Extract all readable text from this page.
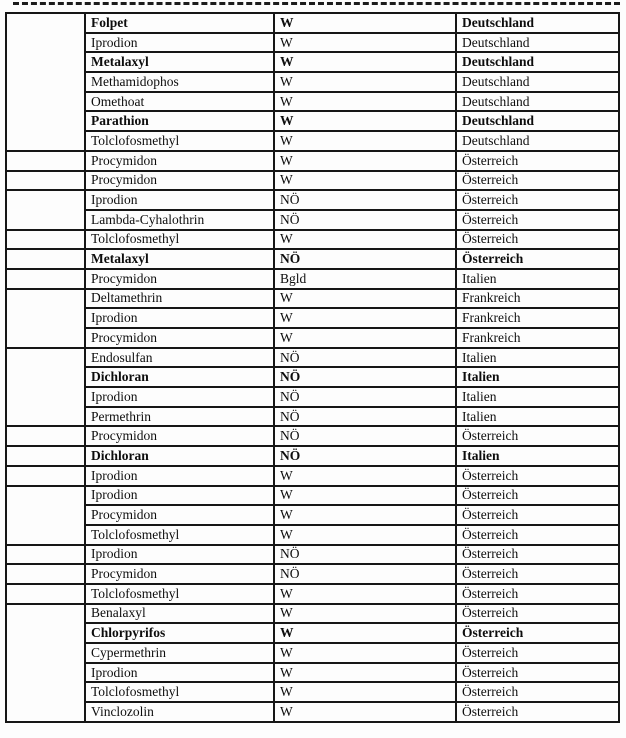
	Folpet	W	Deutschland
	Iprodion	W	Deutschland
	Metalaxyl	W	Deutschland
	Methamidophos	W	Deutschland
	Omethoat	W	Deutschland
	Parathion	W	Deutschland
	Tolclofosmethyl	W	Deutschland
	Procymidon	W	Österreich
	Procymidon	W	Österreich
	Iprodion	NÖ	Österreich
	Lambda-Cyhalothrin	NÖ	Österreich
	Tolclofosmethyl	W	Österreich
	Metalaxyl	NÖ	Österreich
	Procymidon	Bgld	Italien
	Deltamethrin	W	Frankreich
	Iprodion	W	Frankreich
	Procymidon	W	Frankreich
	Endosulfan	NÖ	Italien
	Dichloran	NÖ	Italien
	Iprodion	NÖ	Italien
	Permethrin	NÖ	Italien
	Procymidon	NÖ	Österreich
	Dichloran	NÖ	Italien
	Iprodion	W	Österreich
	Iprodion	W	Österreich
	Procymidon	W	Österreich
	Tolclofosmethyl	W	Österreich
	Iprodion	NÖ	Österreich
	Procymidon	NÖ	Österreich
	Tolclofosmethyl	W	Österreich
	Benalaxyl	W	Österreich
	Chlorpyrifos	W	Österreich
	Cypermethrin	W	Österreich
	Iprodion	W	Österreich
	Tolclofosmethyl	W	Österreich
	Vinclozolin	W	Österreich
